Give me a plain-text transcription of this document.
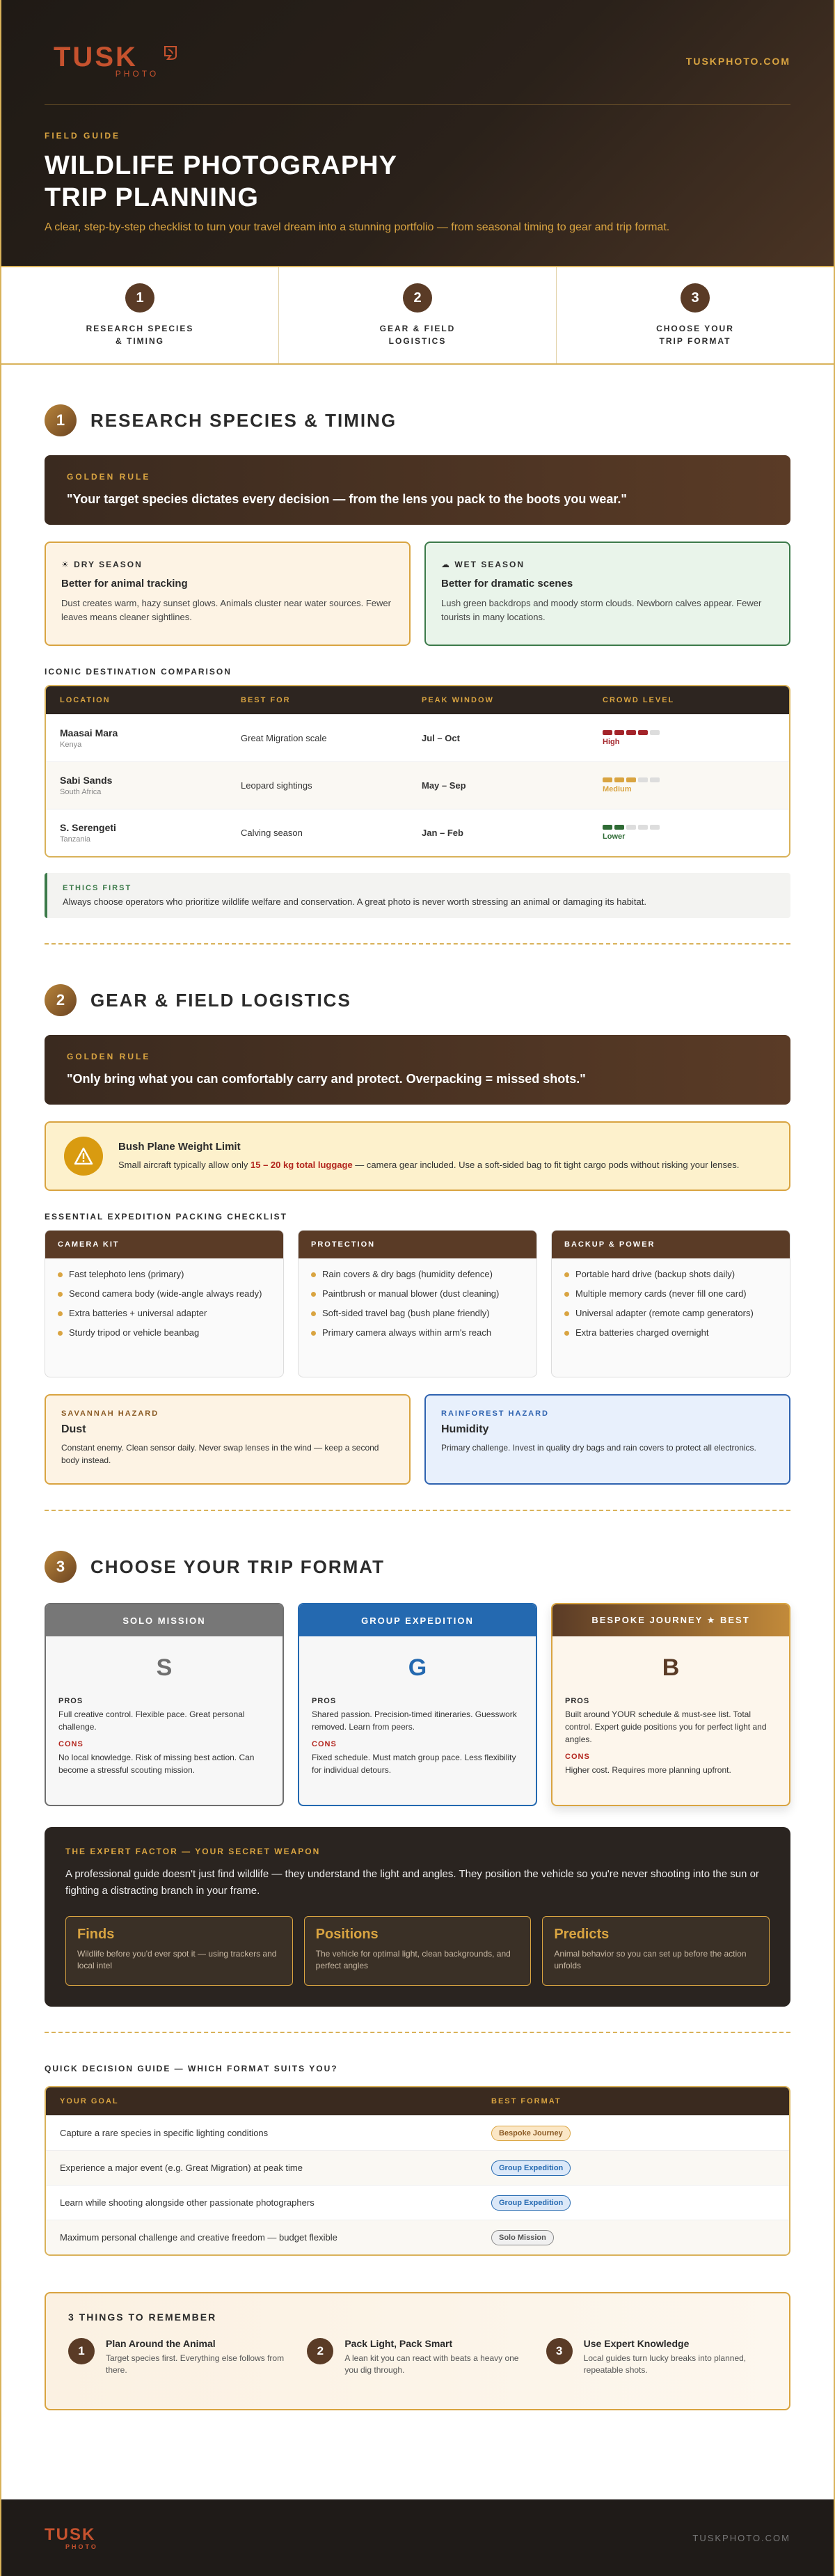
TUSK
PHOTO
TUSKPHOTO.COM
FIELD GUIDE
WILDLIFE PHOTOGRAPHY
TRIP PLANNING

A clear, step-by-step checklist to turn your travel dream into a stunning portfolio — from seasonal timing to gear and trip format.

1
RESEARCH SPECIES
& TIMING
2
GEAR & FIELD
LOGISTICS
3
CHOOSE YOUR
TRIP FORMAT
1	RESEARCH SPECIES & TIMING
GOLDEN RULE
"Your target species dictates every decision — from the lens you pack to the boots you wear."
☀ DRY SEASON
Better for animal tracking
Dust creates warm, hazy sunset glows. Animals cluster near water sources. Fewer leaves means cleaner sightlines.
☁ WET SEASON
Better for dramatic scenes
Lush green backdrops and moody storm clouds. Newborn calves appear. Fewer tourists in many locations.
ICONIC DESTINATION COMPARISON
LOCATION	BEST FOR	PEAK WINDOW	CROWD LEVEL
Maasai Mara
Kenya
Great Migration scale	Jul – Oct	High
Sabi Sands
South Africa
Leopard sightings	May – Sep	Medium
S. Serengeti
Tanzania
Calving season	Jan – Feb	Lower
ETHICS FIRST
Always choose operators who prioritize wildlife welfare and conservation. A great photo is never worth stressing an animal or damaging its habitat.
2	GEAR & FIELD LOGISTICS
GOLDEN RULE
"Only bring what you can comfortably carry and protect. Overpacking = missed shots."
Bush Plane Weight Limit
Small aircraft typically allow only 15 – 20 kg total luggage — camera gear included. Use a soft-sided bag to fit tight cargo pods without risking your lenses.
ESSENTIAL EXPEDITION PACKING CHECKLIST
CAMERA KIT
Fast telephoto lens (primary)
Second camera body (wide-angle always ready)
Extra batteries + universal adapter
Sturdy tripod or vehicle beanbag
PROTECTION
Rain covers & dry bags (humidity defence)
Paintbrush or manual blower (dust cleaning)
Soft-sided travel bag (bush plane friendly)
Primary camera always within arm's reach
BACKUP & POWER
Portable hard drive (backup shots daily)
Multiple memory cards (never fill one card)
Universal adapter (remote camp generators)
Extra batteries charged overnight
SAVANNAH HAZARD
Dust
Constant enemy. Clean sensor daily. Never swap lenses in the wind — keep a second body instead.
RAINFOREST HAZARD
Humidity
Primary challenge. Invest in quality dry bags and rain covers to protect all electronics.
3	CHOOSE YOUR TRIP FORMAT
SOLO MISSION
S
PROS
Full creative control. Flexible pace. Great personal challenge.
CONS
No local knowledge. Risk of missing best action. Can become a stressful scouting mission.
GROUP EXPEDITION
G
PROS
Shared passion. Precision-timed itineraries. Guesswork removed. Learn from peers.
CONS
Fixed schedule. Must match group pace. Less flexibility for individual detours.
BESPOKE JOURNEY ★ BEST
B
PROS
Built around YOUR schedule & must-see list. Total control. Expert guide positions you for perfect light and angles.
CONS
Higher cost. Requires more planning upfront.
THE EXPERT FACTOR — YOUR SECRET WEAPON
A professional guide doesn't just find wildlife — they understand the light and angles. They position the vehicle so you're never shooting into the sun or fighting a distracting branch in your frame.
Finds
Wildlife before you'd ever spot it — using trackers and local intel
Positions
The vehicle for optimal light, clean backgrounds, and perfect angles
Predicts
Animal behavior so you can set up before the action unfolds
QUICK DECISION GUIDE — WHICH FORMAT SUITS YOU?
YOUR GOAL	BEST FORMAT
Capture a rare species in specific lighting conditions	Bespoke Journey
Experience a major event (e.g. Great Migration) at peak time	Group Expedition
Learn while shooting alongside other passionate photographers	Group Expedition
Maximum personal challenge and creative freedom — budget flexible	Solo Mission
3 THINGS TO REMEMBER
1
Plan Around the Animal
Target species first. Everything else follows from there.
2
Pack Light, Pack Smart
A lean kit you can react with beats a heavy one you dig through.
3
Use Expert Knowledge
Local guides turn lucky breaks into planned, repeatable shots.
TUSK
PHOTO
TUSKPHOTO.COM
